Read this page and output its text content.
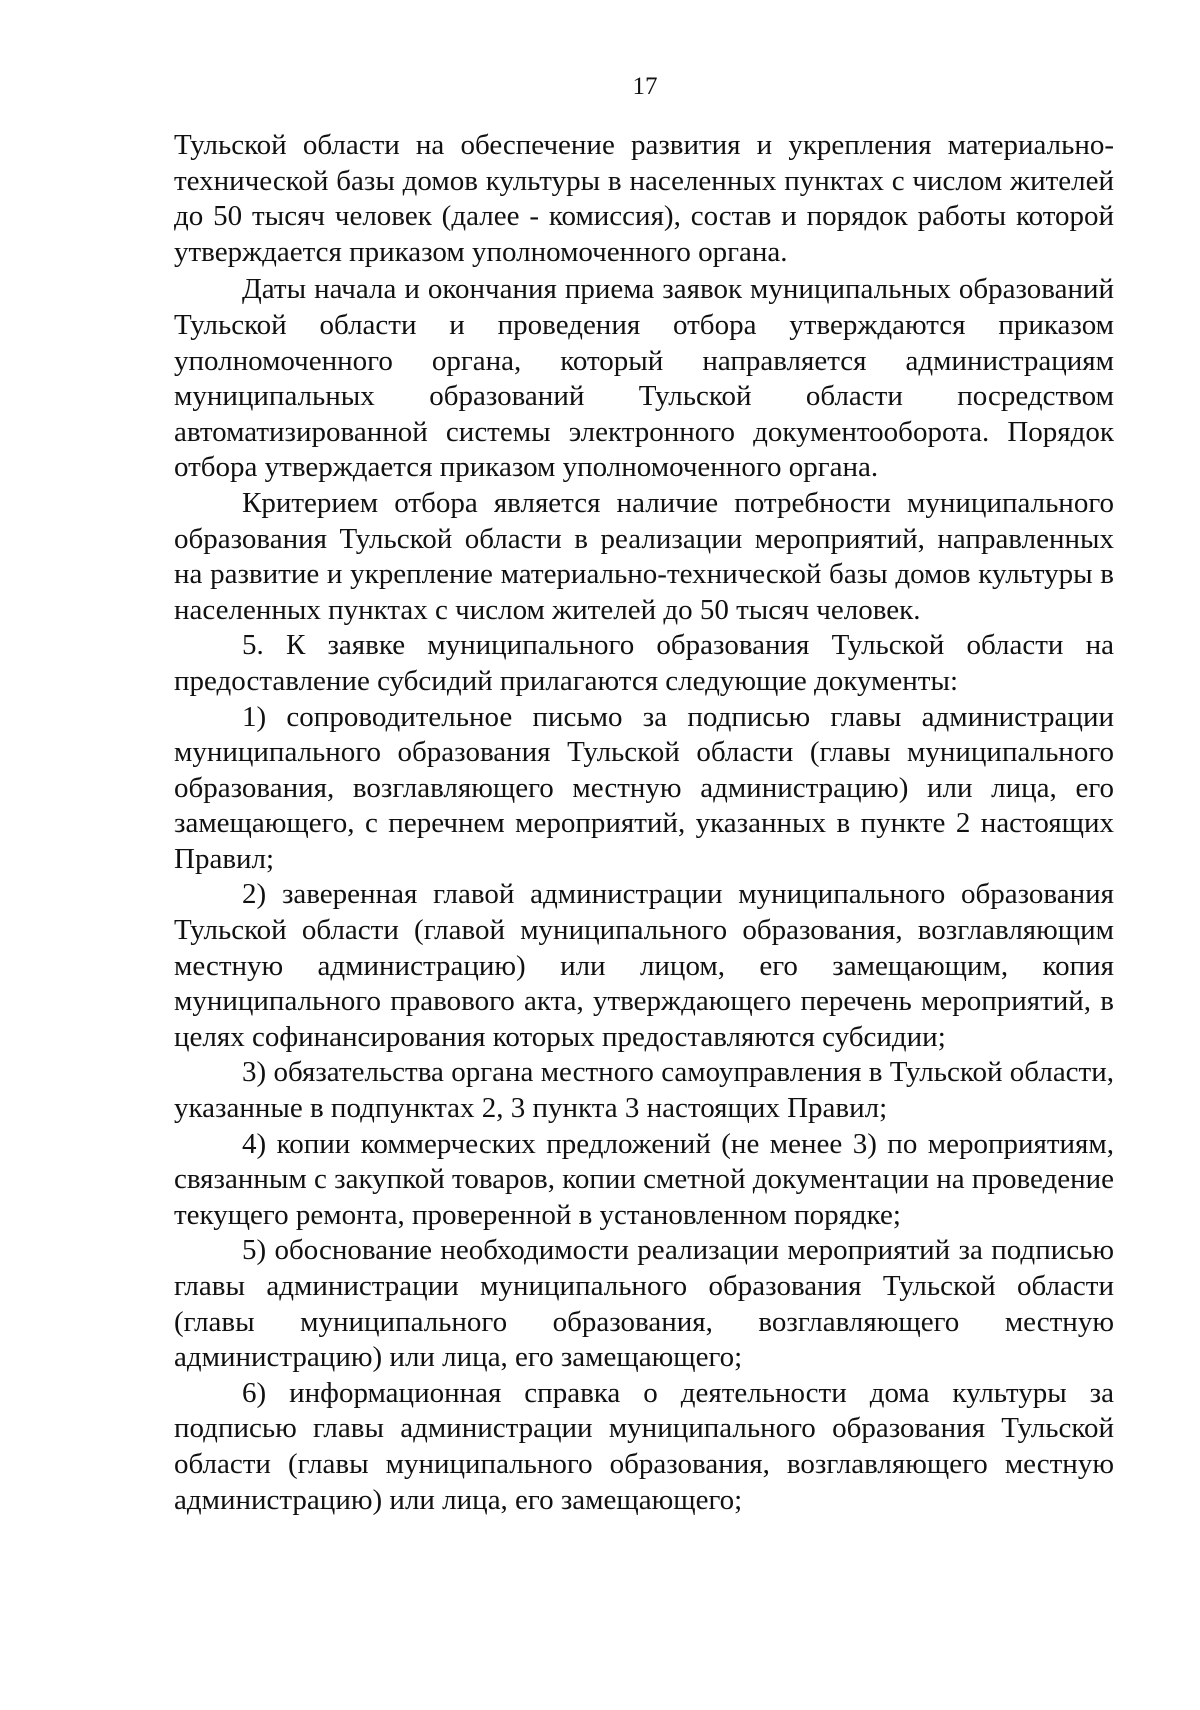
17

Тульской области на обеспечение развития и укрепления материально-технической базы домов культуры в населенных пунктах с числом жителей до 50 тысяч человек (далее - комиссия), состав и порядок работы которой утверждается приказом уполномоченного органа.

Даты начала и окончания приема заявок муниципальных образований Тульской области и проведения отбора утверждаются приказом уполномоченного органа, который направляется администрациям муниципальных образований Тульской области посредством автоматизированной системы электронного документооборота. Порядок отбора утверждается приказом уполномоченного органа.

Критерием отбора является наличие потребности муниципального образования Тульской области в реализации мероприятий, направленных на развитие и укрепление материально-технической базы домов культуры в населенных пунктах с числом жителей до 50 тысяч человек.

5. К заявке муниципального образования Тульской области на предоставление субсидий прилагаются следующие документы:

1) сопроводительное письмо за подписью главы администрации муниципального образования Тульской области (главы муниципального образования, возглавляющего местную администрацию) или лица, его замещающего, с перечнем мероприятий, указанных в пункте 2 настоящих Правил;

2) заверенная главой администрации муниципального образования Тульской области (главой муниципального образования, возглавляющим местную администрацию) или лицом, его замещающим, копия муниципального правового акта, утверждающего перечень мероприятий, в целях софинансирования которых предоставляются субсидии;

3) обязательства органа местного самоуправления в Тульской области, указанные в подпунктах 2, 3 пункта 3 настоящих Правил;

4) копии коммерческих предложений (не менее 3) по мероприятиям, связанным с закупкой товаров, копии сметной документации на проведение текущего ремонта, проверенной в установленном порядке;

5) обоснование необходимости реализации мероприятий за подписью главы администрации муниципального образования Тульской области (главы муниципального образования, возглавляющего местную администрацию) или лица, его замещающего;

6) информационная справка о деятельности дома культуры за подписью главы администрации муниципального образования Тульской области (главы муниципального образования, возглавляющего местную администрацию) или лица, его замещающего;
